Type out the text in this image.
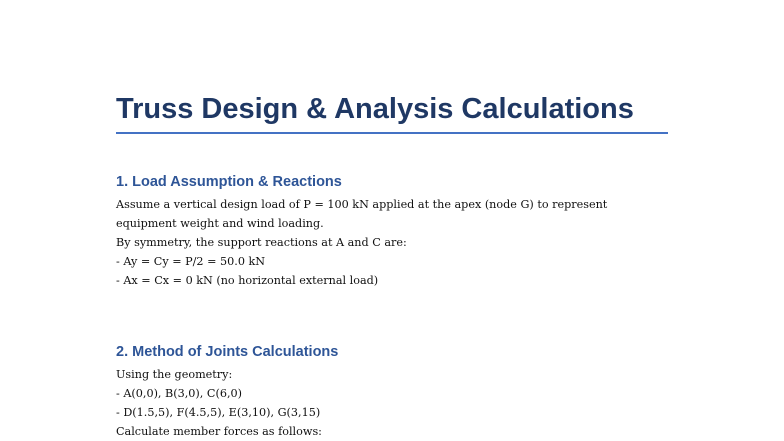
Truss Design & Analysis Calculations
1. Load Assumption & Reactions

Assume a vertical design load of P = 100 kN applied at the apex (node G) to represent

equipment weight and wind loading.

By symmetry, the support reactions at A and C are:

- Ay = Cy = P/2 = 50.0 kN

- Ax = Cx = 0 kN (no horizontal external load)

2. Method of Joints Calculations

Using the geometry:

- A(0,0), B(3,0), C(6,0)

- D(1.5,5), F(4.5,5), E(3,10), G(3,15)

Calculate member forces as follows:
